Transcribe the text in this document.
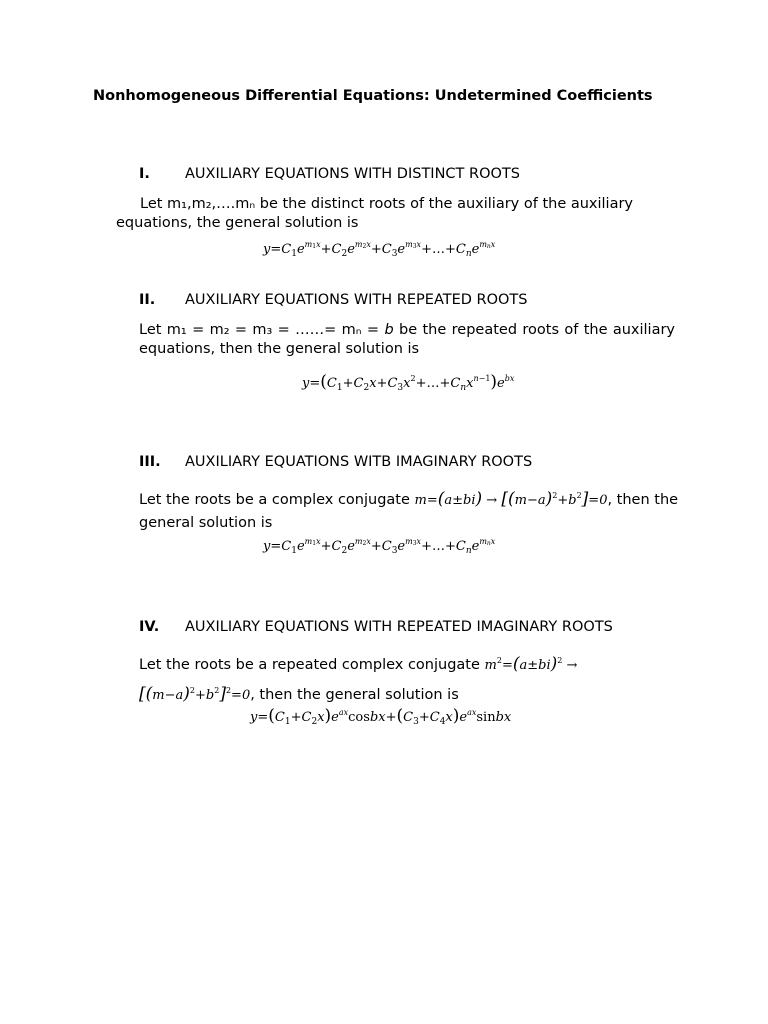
Nonhomogeneous Differential Equations: Undetermined Coefficients
I. AUXILIARY EQUATIONS WITH DISTINCT ROOTS
Let m₁,m₂,….mₙ be the distinct roots of the auxiliary of the auxiliary equations, the general solution is
$y=C_1e^{m_1x}+C_2e^{m_2x}+C_3e^{m_3x}+\dots+C_ne^{m_nx}$
II. AUXILIARY EQUATIONS WITH REPEATED ROOTS
Let m₁ = m₂ = m₃ = ……= mₙ = b be the repeated roots of the auxiliary equations, then the general solution is
$y=(C_1+C_2x+C_3x^2+\dots+C_nx^{n-1})e^{bx}$
III. AUXILIARY EQUATIONS WITB IMAGINARY ROOTS
Let the roots be a complex conjugate $m=(a\pm bi) \to [(m-a)^2+b^2]=0$, then the general solution is
$y=C_1e^{m_1x}+C_2e^{m_2x}+C_3e^{m_3x}+\dots+C_ne^{m_nx}$
IV. AUXILIARY EQUATIONS WITH REPEATED IMAGINARY ROOTS
Let the roots be a repeated complex conjugate $m^2=(a\pm bi)^2 \to [(m-a)^2+b^2]^2=0$, then the general solution is
$y=(C_1+C_2x)e^{ax}cosbx+(C_3+C_4x)e^{ax}sinbx$
